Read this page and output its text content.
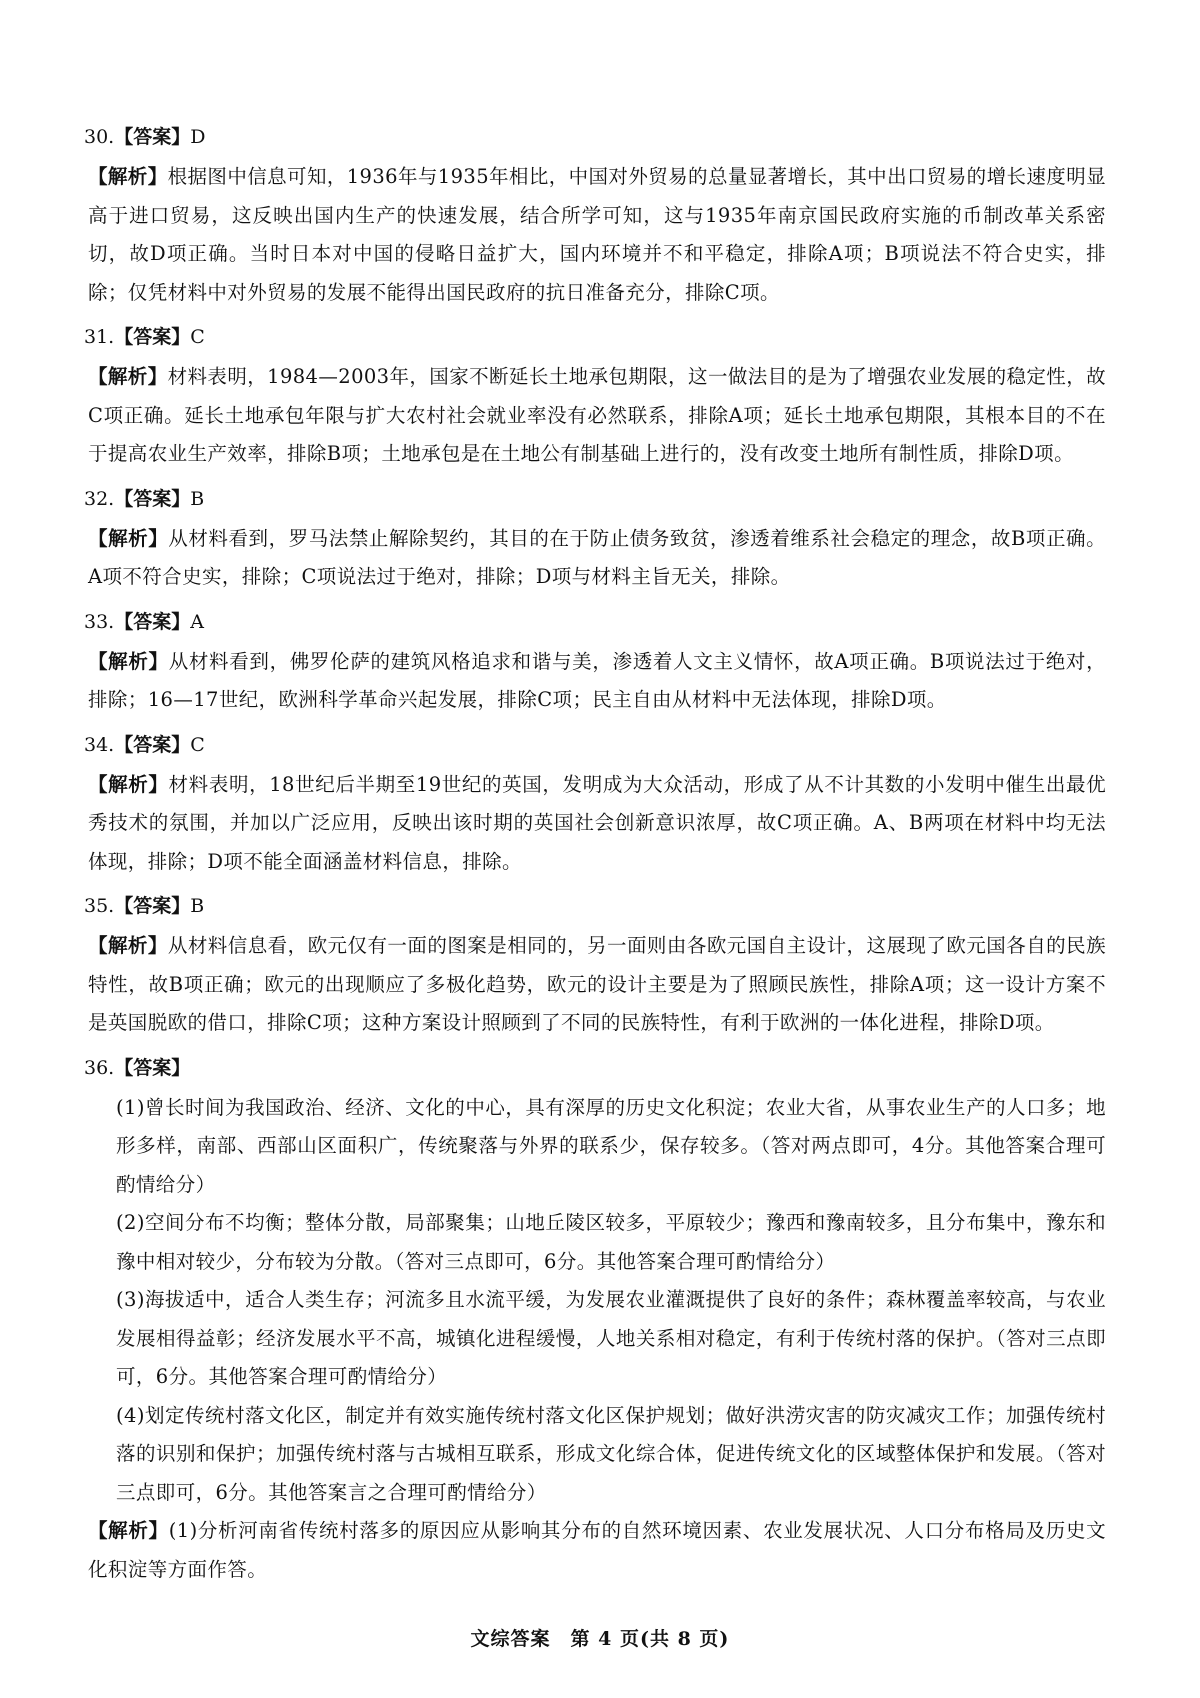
30.【答案】D

【解析】根据图中信息可知，1936年与1935年相比，中国对外贸易的总量显著增长，其中出口贸易的增长速度明显高于进口贸易，这反映出国内生产的快速发展，结合所学可知，这与1935年南京国民政府实施的币制改革关系密切，故D项正确。当时日本对中国的侵略日益扩大，国内环境并不和平稳定，排除A项；B项说法不符合史实，排除；仅凭材料中对外贸易的发展不能得出国民政府的抗日准备充分，排除C项。

31.【答案】C

【解析】材料表明，1984—2003年，国家不断延长土地承包期限，这一做法目的是为了增强农业发展的稳定性，故C项正确。延长土地承包年限与扩大农村社会就业率没有必然联系，排除A项；延长土地承包期限，其根本目的不在于提高农业生产效率，排除B项；土地承包是在土地公有制基础上进行的，没有改变土地所有制性质，排除D项。

32.【答案】B

【解析】从材料看到，罗马法禁止解除契约，其目的在于防止债务致贫，渗透着维系社会稳定的理念，故B项正确。A项不符合史实，排除；C项说法过于绝对，排除；D项与材料主旨无关，排除。

33.【答案】A

【解析】从材料看到，佛罗伦萨的建筑风格追求和谐与美，渗透着人文主义情怀，故A项正确。B项说法过于绝对，排除；16—17世纪，欧洲科学革命兴起发展，排除C项；民主自由从材料中无法体现，排除D项。

34.【答案】C

【解析】材料表明，18世纪后半期至19世纪的英国，发明成为大众活动，形成了从不计其数的小发明中催生出最优秀技术的氛围，并加以广泛应用，反映出该时期的英国社会创新意识浓厚，故C项正确。A、B两项在材料中均无法体现，排除；D项不能全面涵盖材料信息，排除。

35.【答案】B

【解析】从材料信息看，欧元仅有一面的图案是相同的，另一面则由各欧元国自主设计，这展现了欧元国各自的民族特性，故B项正确；欧元的出现顺应了多极化趋势，欧元的设计主要是为了照顾民族性，排除A项；这一设计方案不是英国脱欧的借口，排除C项；这种方案设计照顾到了不同的民族特性，有利于欧洲的一体化进程，排除D项。

36.【答案】

(1)曾长时间为我国政治、经济、文化的中心，具有深厚的历史文化积淀；农业大省，从事农业生产的人口多；地形多样，南部、西部山区面积广，传统聚落与外界的联系少，保存较多。（答对两点即可，4分。其他答案合理可酌情给分）

(2)空间分布不均衡；整体分散，局部聚集；山地丘陵区较多，平原较少；豫西和豫南较多，且分布集中，豫东和豫中相对较少，分布较为分散。（答对三点即可，6分。其他答案合理可酌情给分）

(3)海拔适中，适合人类生存；河流多且水流平缓，为发展农业灌溉提供了良好的条件；森林覆盖率较高，与农业发展相得益彰；经济发展水平不高，城镇化进程缓慢，人地关系相对稳定，有利于传统村落的保护。（答对三点即可，6分。其他答案合理可酌情给分）

(4)划定传统村落文化区，制定并有效实施传统村落文化区保护规划；做好洪涝灾害的防灾减灾工作；加强传统村落的识别和保护；加强传统村落与古城相互联系，形成文化综合体，促进传统文化的区域整体保护和发展。（答对三点即可，6分。其他答案言之合理可酌情给分）

【解析】(1)分析河南省传统村落多的原因应从影响其分布的自然环境因素、农业发展状况、人口分布格局及历史文化积淀等方面作答。

文综答案　第 4 页(共 8 页)
